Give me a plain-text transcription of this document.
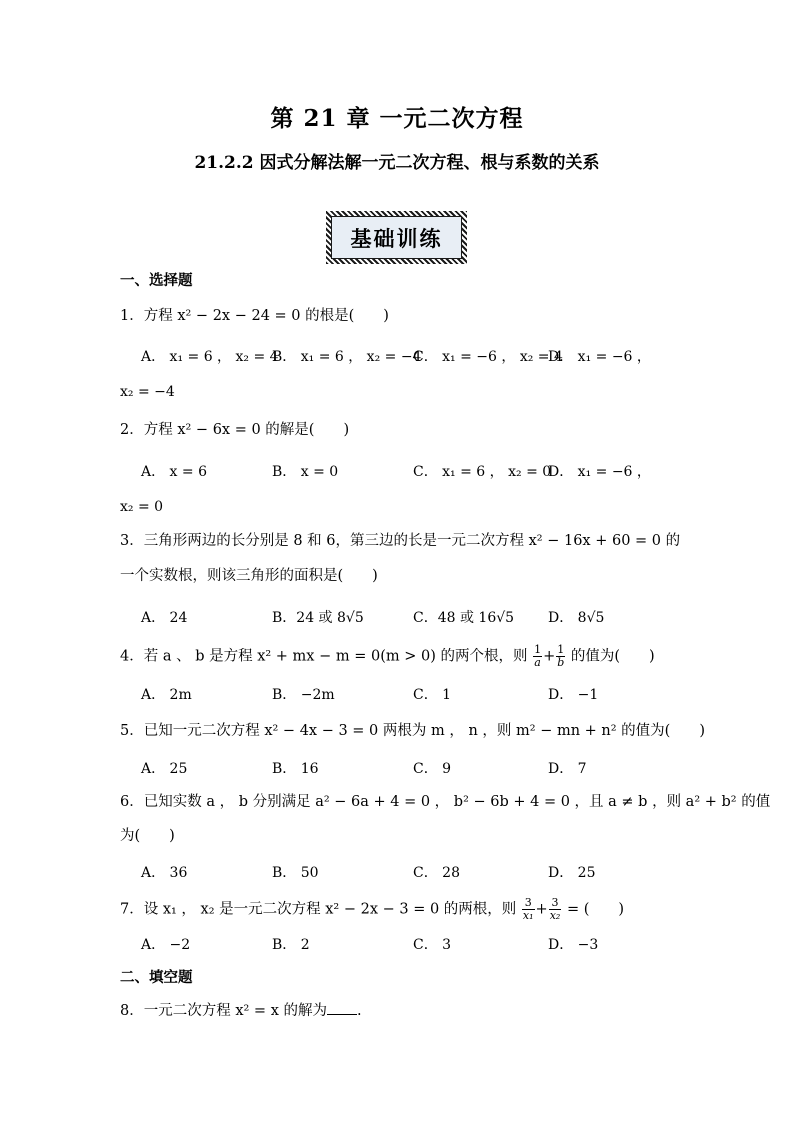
第 21 章 一元二次方程
21.2.2 因式分解法解一元二次方程、根与系数的关系
基础训练
一、选择题
1．方程 x² − 2x − 24 = 0 的根是(　　)
A． x₁ = 6 ， x₂ = 4
B． x₁ = 6 ， x₂ = −4
C． x₁ = −6 ， x₂ = 4
D． x₁ = −6 ，
x₂ = −4
2．方程 x² − 6x = 0 的解是(　　)
A． x = 6	B． x = 0	C． x₁ = 6 ， x₂ = 0
D． x₁ = −6 ，
x₂ = 0
3．三角形两边的长分别是 8 和 6，第三边的长是一元二次方程 x² − 16x + 60 = 0 的
一个实数根，则该三角形的面积是(　　)
A． 24	B．24 或 8√5	C．48 或 16√5 D． 8√5
4．若 a 、 b 是方程 x² + mx − m = 0(m > 0) 的两个根，则 $\frac{1}{a} + \frac{1}{b}$ 的值为(　　)
A． 2m	B． −2m	C． 1	D． −1
5．已知一元二次方程 x² − 4x − 3 = 0 两根为 m ， n ，则 m² − mn + n² 的值为(　　)
A． 25	B． 16	C． 9	D． 7
6．已知实数 a ， b 分别满足 a² − 6a + 4 = 0 ， b² − 6b + 4 = 0 ，且 a ≠ b ，则 a² + b² 的值
为(　　)
A． 36	B． 50	C． 28	D． 25
7．设 x₁ ， x₂ 是一元二次方程 x² − 2x − 3 = 0 的两根，则 $\frac{3}{\text{x₁}} + \frac{3}{\text{x₂}}$ = (　　)
A． −2	B． 2	C． 3	D． −3
二、填空题
8．一元二次方程 x² = x 的解为 .
